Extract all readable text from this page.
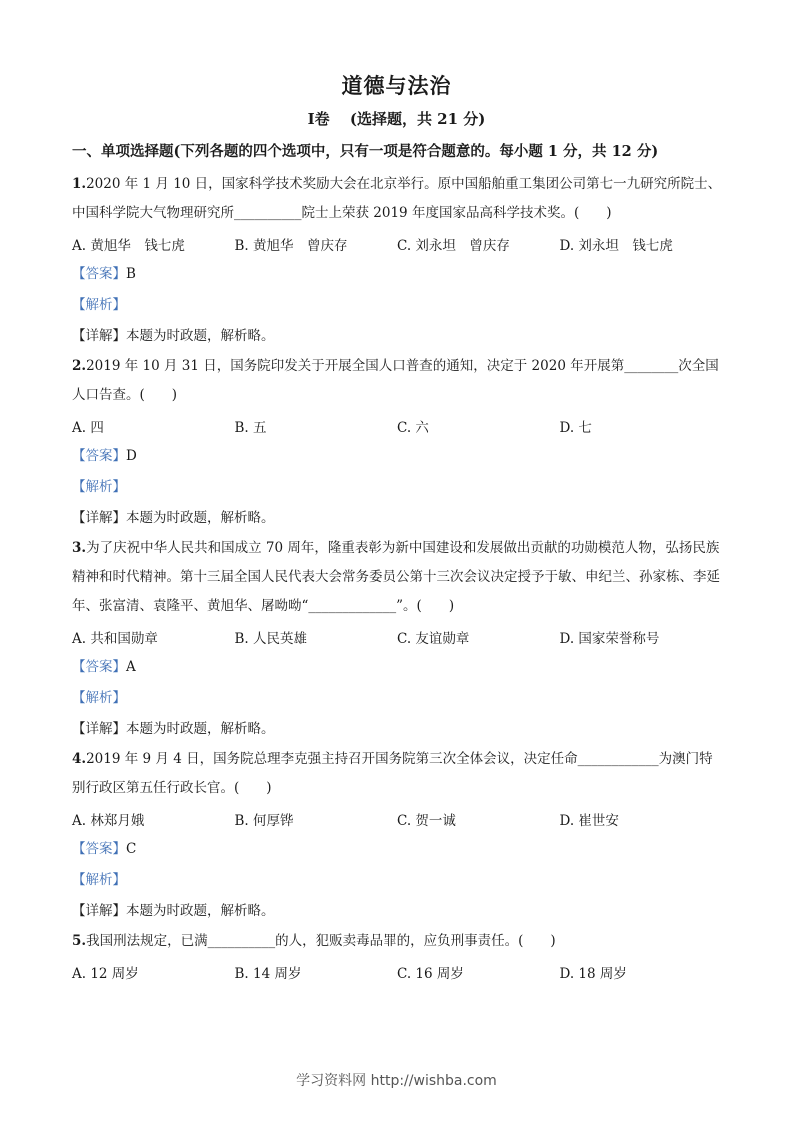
道德与法治
Ⅰ卷　 (选择题，共 21 分)
一、单项选择题(下列各题的四个选项中，只有一项是符合题意的。每小题 1 分，共 12 分)
1.2020 年 1 月 10 日，国家科学技术奖励大会在北京举行。原中国船舶重工集团公司第七一九研究所院士、中国科学院大气物理研究所__________院士上荣获 2019 年度国家品高科学技术奖。(　　)
A. 黄旭华　钱七虎	B. 黄旭华　曾庆存	C. 刘永坦　曾庆存	D. 刘永坦　钱七虎
【答案】B
【解析】
【详解】本题为时政题，解析略。
2.2019 年 10 月 31 日，国务院印发关于开展全国人口普查的通知，决定于 2020 年开展第________次全国人口告查。(　　)
A. 四	B. 五	C. 六	D. 七
【答案】D
【解析】
【详解】本题为时政题，解析略。
3.为了庆祝中华人民共和国成立 70 周年，隆重表彰为新中国建设和发展做出贡献的功勋模范人物，弘扬民族精神和时代精神。第十三届全国人民代表大会常务委员公第十三次会议决定授予于敏、申纪兰、孙家栋、李延年、张富清、袁隆平、黄旭华、屠呦呦“_____________”。(　　)
A. 共和国勋章	B. 人民英雄	C. 友谊勋章	D. 国家荣誉称号
【答案】A
【解析】
【详解】本题为时政题，解析略。
4.2019 年 9 月 4 日，国务院总理李克强主持召开国务院第三次全体会议，决定任命____________为澳门特别行政区第五任行政长官。(　　)
A. 林郑月娥	B. 何厚铧	C. 贺一诚	D. 崔世安
【答案】C
【解析】
【详解】本题为时政题，解析略。
5.我国刑法规定，已满__________的人，犯贩卖毒品罪的，应负刑事责任。(　　)
A. 12 周岁	B. 14 周岁	C. 16 周岁	D. 18 周岁
学习资料网 http://wishba.com
